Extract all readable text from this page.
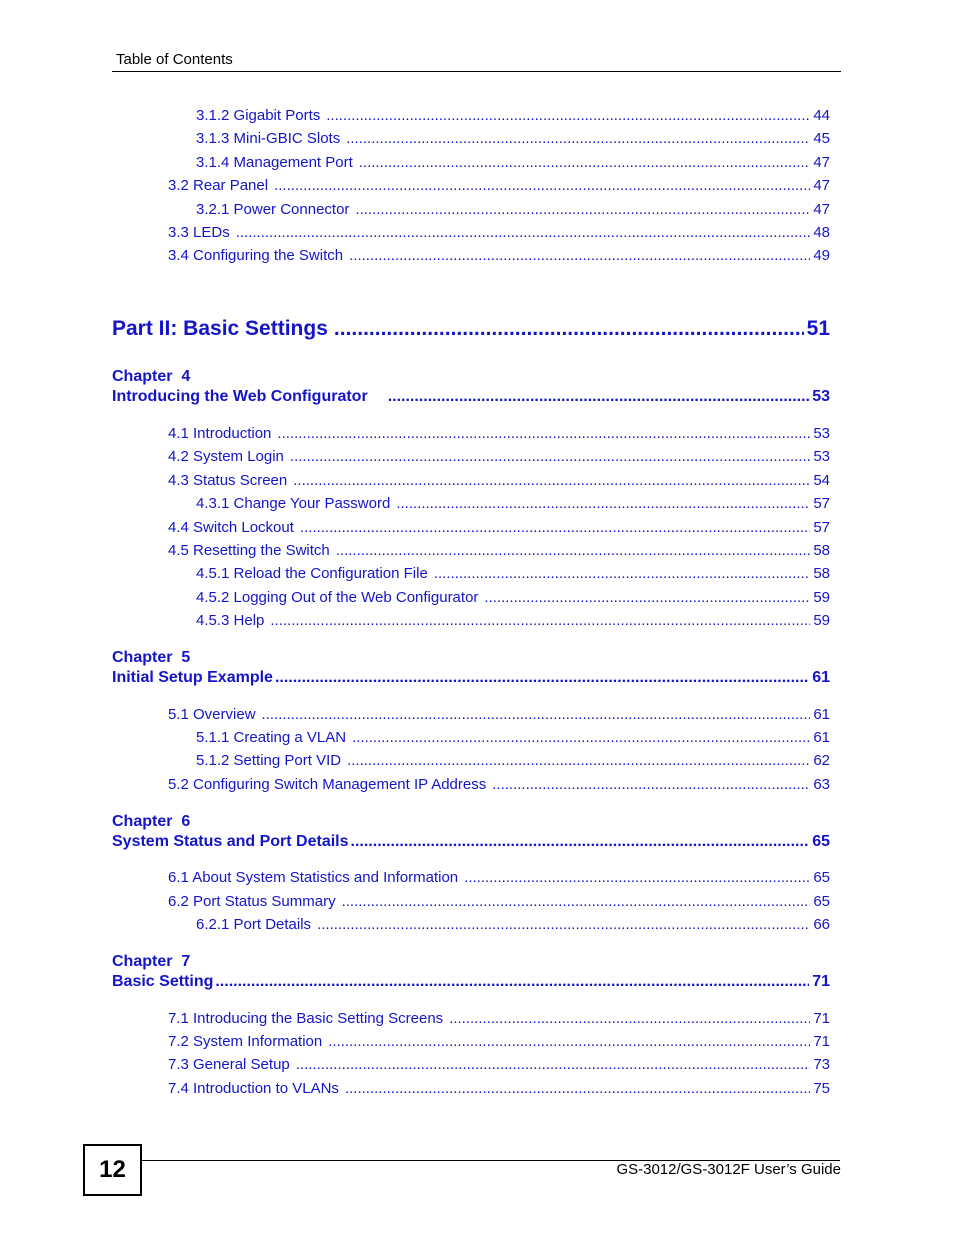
Table of Contents
3.1.2 Gigabit Ports .....	44
3.1.3 Mini-GBIC Slots .....	45
3.1.4 Management Port .....	47
3.2 Rear Panel .....	47
3.2.1 Power Connector .....	47
3.3 LEDs .....	48
3.4 Configuring the Switch .....	49
Part II: Basic Settings .....	51
Chapter  4
Introducing the Web Configurator .....	53
4.1 Introduction .....	53
4.2 System Login .....	53
4.3 Status Screen .....	54
4.3.1 Change Your Password .....	57
4.4 Switch Lockout .....	57
4.5 Resetting the Switch .....	58
4.5.1 Reload the Configuration File .....	58
4.5.2 Logging Out of the Web Configurator .....	59
4.5.3 Help .....	59
Chapter  5
Initial Setup Example .....	61
5.1 Overview .....	61
5.1.1 Creating a VLAN .....	61
5.1.2 Setting Port VID .....	62
5.2 Configuring Switch Management IP Address .....	63
Chapter  6
System Status and Port Details .....	65
6.1 About System Statistics and Information .....	65
6.2 Port Status Summary .....	65
6.2.1 Port Details .....	66
Chapter  7
Basic Setting .....	71
7.1 Introducing the Basic Setting Screens .....	71
7.2 System Information .....	71
7.3 General Setup .....	73
7.4 Introduction to VLANs .....	75
12	GS-3012/GS-3012F User’s Guide
